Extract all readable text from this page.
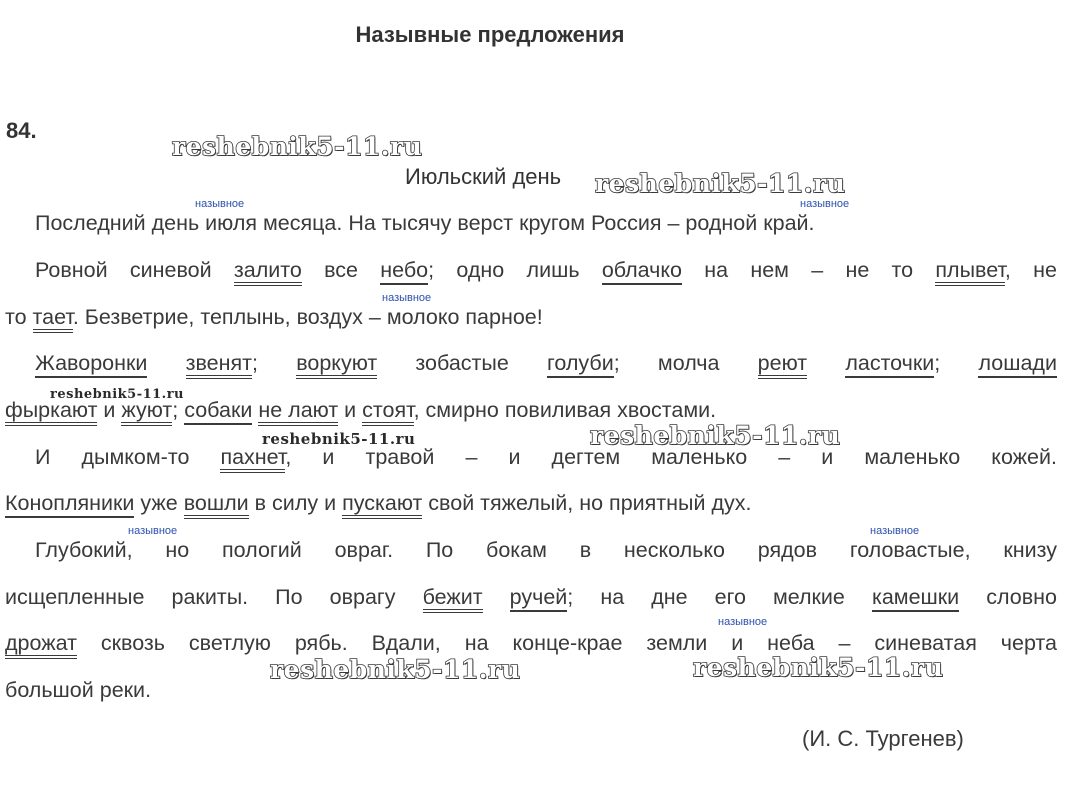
Назывные предложения
84.
Июльский день
назывное	назывное
назывное
назывное	назывное
назывное
Последний день июля месяца. На тысячу верст кругом Россия – родной край.
Ровной синевой залито все небо; одно лишь облачко на нем – не то плывет, не
то тает. Безветрие, теплынь, воздух – молоко парное!
Жаворонки звенят; воркуют зобастые голуби; молча реют ласточки; лошади
фыркают и жуют; собаки не лают и стоят, смирно повиливая хвостами.
И дымком-то пахнет, и травой – и дегтем маленько – и маленько кожей.
Конопляники уже вошли в силу и пускают свой тяжелый, но приятный дух.
Глубокий, но пологий овраг. По бокам в несколько рядов головастые, книзу
исщепленные ракиты. По оврагу бежит ручей; на дне его мелкие камешки словно
дрожат сквозь светлую рябь. Вдали, на конце-крае земли и неба – синеватая черта
большой реки.
(И. С. Тургенев)
reshebnik5-11.ru
reshebnik5-11.ru
reshebnik5-11.ru
reshebnik5-11.ru	reshebnik5-11.ru
reshebnik5-11.ru	reshebnik5-11.ru
